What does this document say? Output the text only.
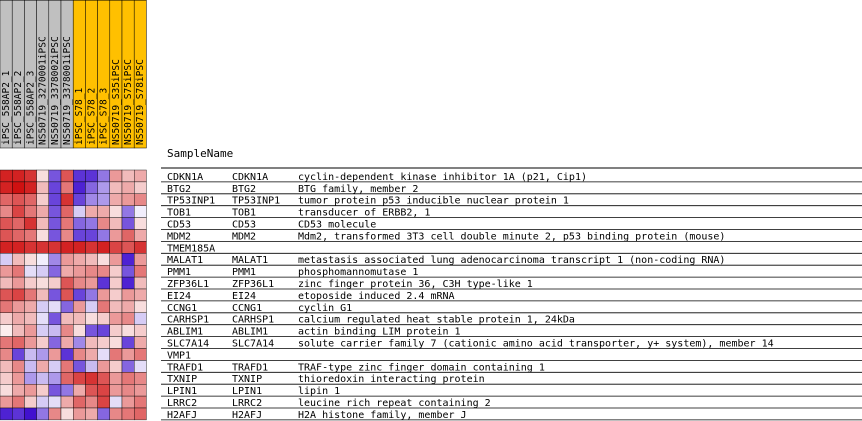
iPSC_558AP2_1 iPSC_558AP2_2 iPSC_558AP2_3 NS50719_3270001iPSC NS50719_3378002iPSC NS50719_3378001iPSC iPSC_S78_1 iPSC_S78_2 iPSC_S78_3 NS50719_S35iPSC NS50719_S75iPSC NS50719_S78iPSC
SampleName
CDKN1A	CDKN1A	cyclin-dependent kinase inhibitor 1A (p21, Cip1)
BTG2	BTG2	BTG family, member 2
TP53INP1 TP53INP1 tumor protein p53 inducible nuclear protein 1
TOB1	TOB1	transducer of ERBB2, 1
CD53	CD53	CD53 molecule
MDM2	MDM2	Mdm2, transformed 3T3 cell double minute 2, p53 binding protein (mouse)
TMEM185A
MALAT1	MALAT1	metastasis associated lung adenocarcinoma transcript 1 (non-coding RNA)
PMM1	PMM1	phosphomannomutase 1
ZFP36L1 ZFP36L1 zinc finger protein 36, C3H type-like 1
EI24	EI24	etoposide induced 2.4 mRNA
CCNG1	CCNG1	cyclin G1
CARHSP1 CARHSP1 calcium regulated heat stable protein 1, 24kDa
ABLIM1	ABLIM1	actin binding LIM protein 1
SLC7A14 SLC7A14 solute carrier family 7 (cationic amino acid transporter, y+ system), member 14
VMP1
TRAFD1	TRAFD1	TRAF-type zinc finger domain containing 1
TXNIP	TXNIP	thioredoxin interacting protein
LPIN1	LPIN1	lipin 1
LRRC2	LRRC2	leucine rich repeat containing 2
H2AFJ	H2AFJ	H2A histone family, member J
